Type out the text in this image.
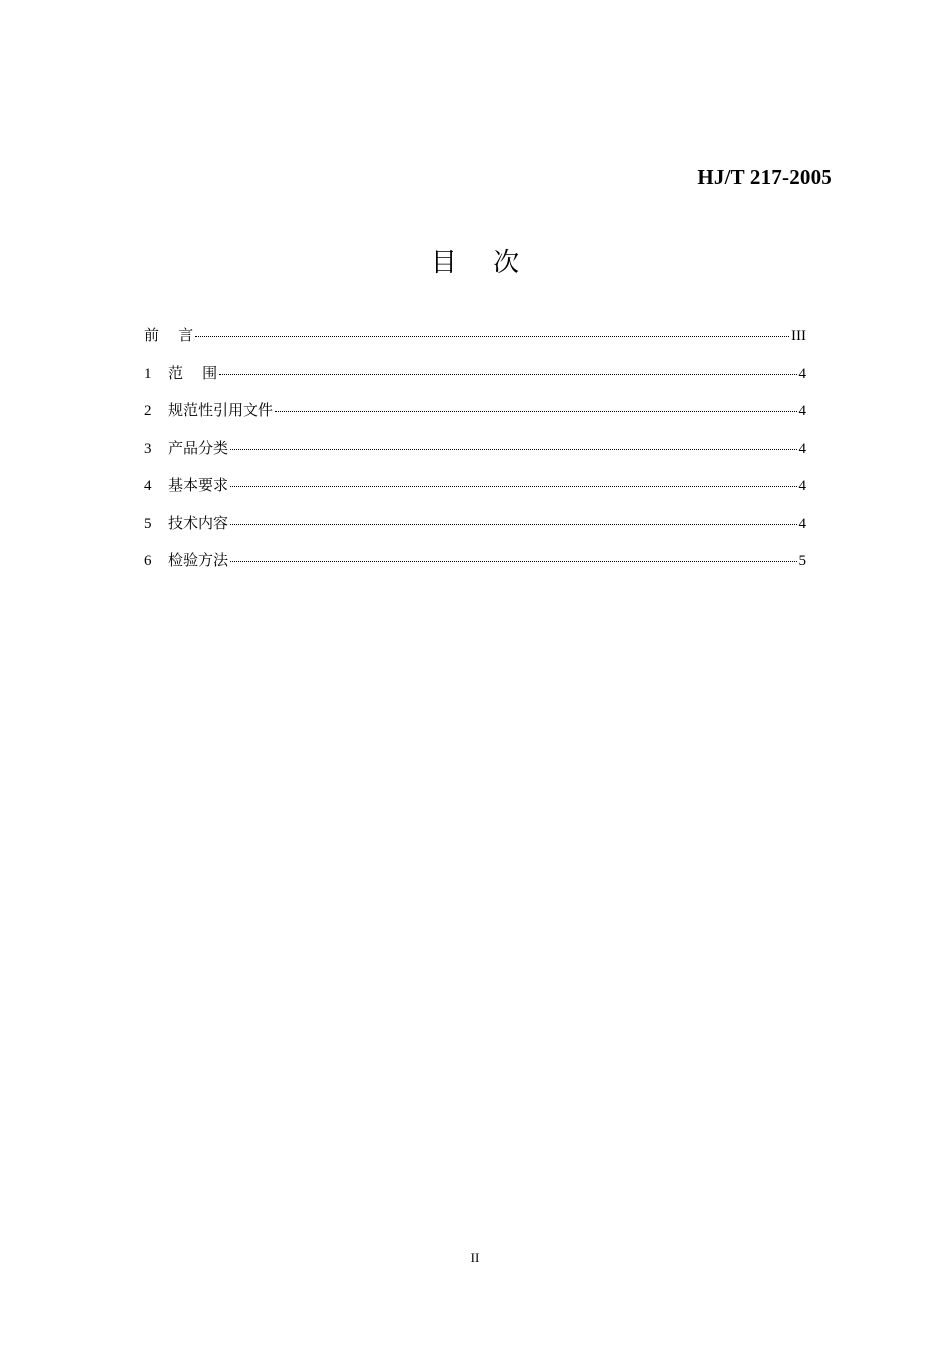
HJ/T 217-2005
目 次
前    言	III
1	范    围	4
2	规范性引用文件	4
3	产品分类	4
4	基本要求	4
5	技术内容	4
6	检验方法	5
II
